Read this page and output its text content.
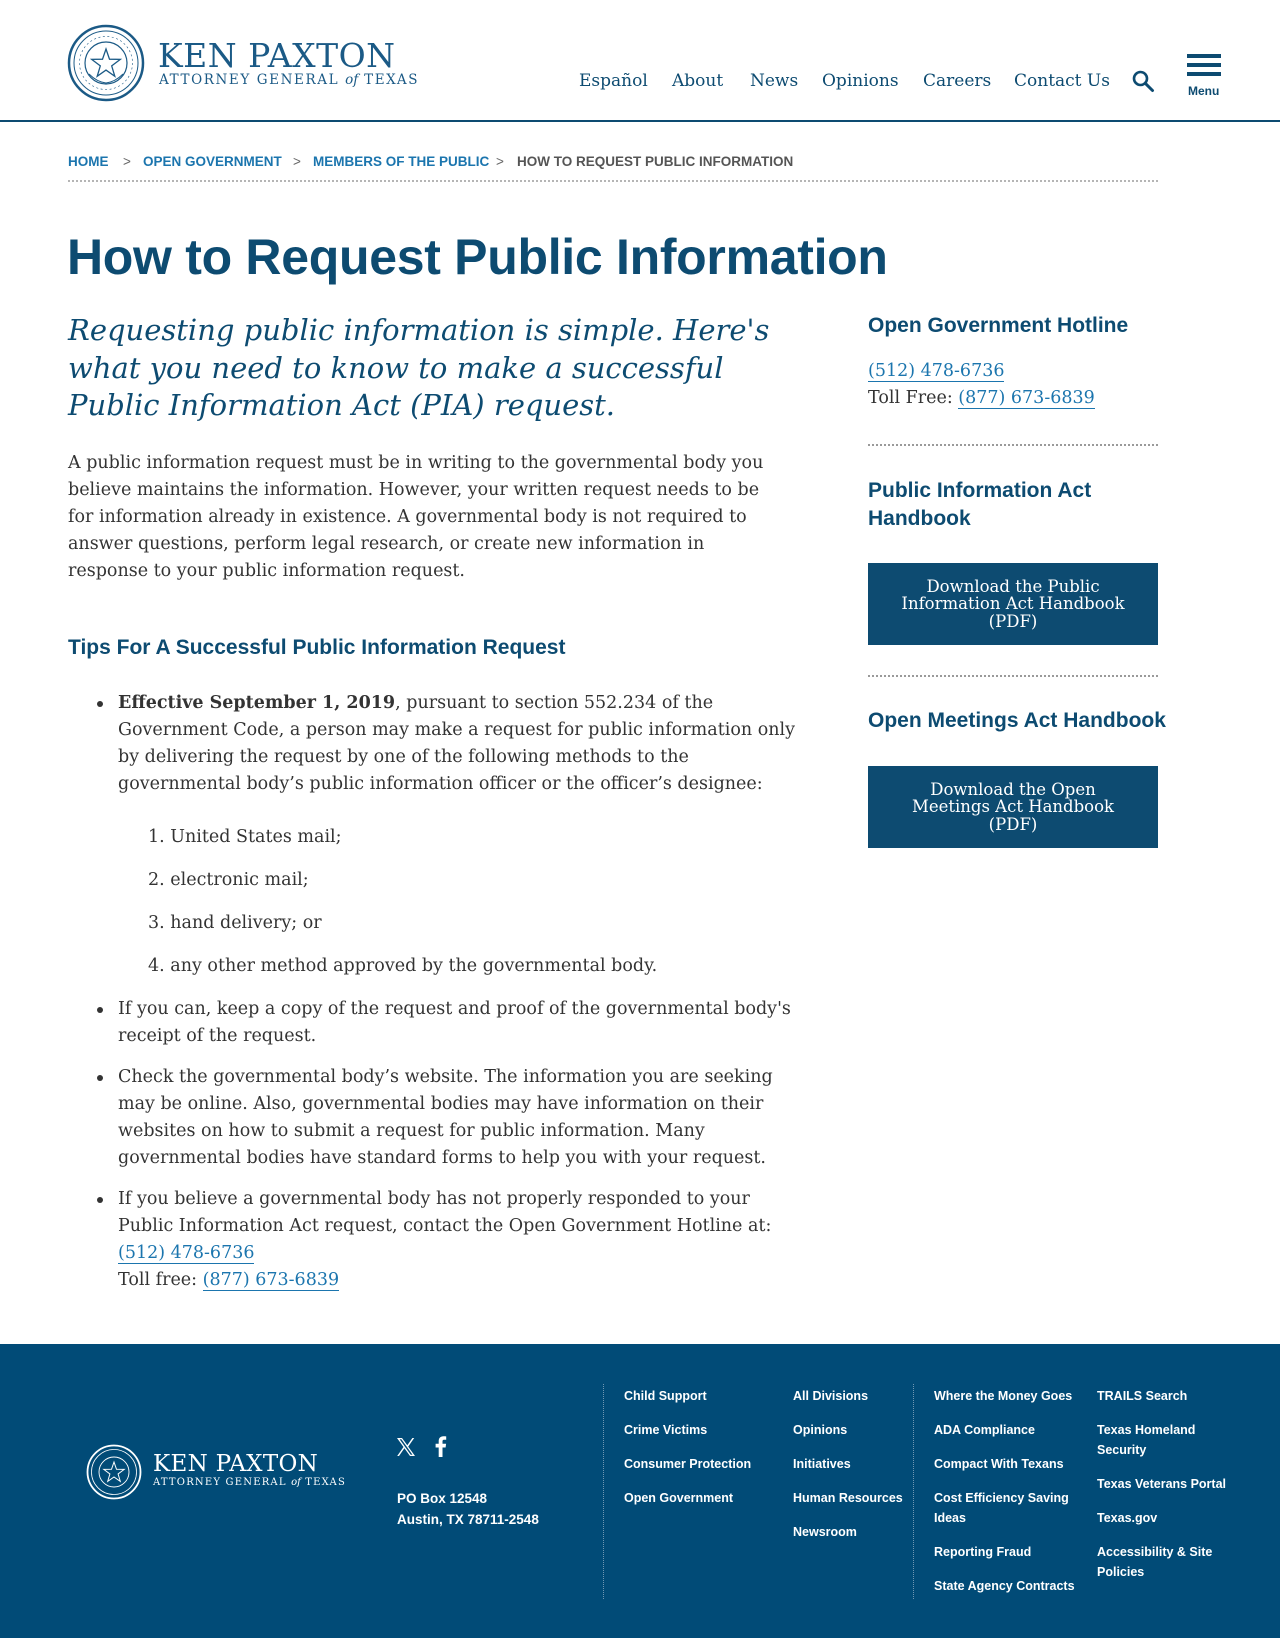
KEN PAXTON
ATTORNEY GENERAL of TEXAS	Español About News Opinions Careers Contact Us	Menu
HOME > OPEN GOVERNMENT > MEMBERS OF THE PUBLIC > HOW TO REQUEST PUBLIC INFORMATION
How to Request Public Information
Requesting public information is simple. Here's what you need to know to make a successful Public Information Act (PIA) request.

A public information request must be in writing to the governmental body you believe maintains the information. However, your written request needs to be for information already in existence. A governmental body is not required to answer questions, perform legal research, or create new information in response to your public information request.

Tips For A Successful Public Information Request
Effective September 1, 2019, pursuant to section 552.234 of the Government Code, a person may make a request for public information only by delivering the request by one of the following methods to the governmental body’s public information officer or the officer’s designee:
1. United States mail;
2. electronic mail;
3. hand delivery; or
4. any other method approved by the governmental body.
If you can, keep a copy of the request and proof of the governmental body's receipt of the request.
Check the governmental body’s website. The information you are seeking may be online. Also, governmental bodies may have information on their websites on how to submit a request for public information. Many governmental bodies have standard forms to help you with your request.
If you believe a governmental body has not properly responded to your Public Information Act request, contact the Open Government Hotline at:
(512) 478-6736
Toll free: (877) 673-6839
Open Government Hotline
(512) 478-6736
Toll Free: (877) 673-6839
Public Information Act Handbook
Download the Public Information Act Handbook (PDF)
Open Meetings Act Handbook
Download the Open Meetings Act Handbook (PDF)
KEN PAXTON
ATTORNEY GENERAL of TEXAS
PO Box 12548
Austin, TX 78711-2548
Child Support
Crime Victims
Consumer Protection
Open Government
All Divisions
Opinions
Initiatives
Human Resources
Newsroom
Where the Money Goes
ADA Compliance
Compact With Texans
Cost Efficiency Saving Ideas
Reporting Fraud
State Agency Contracts
TRAILS Search
Texas Homeland Security
Texas Veterans Portal
Texas.gov
Accessibility & Site Policies
